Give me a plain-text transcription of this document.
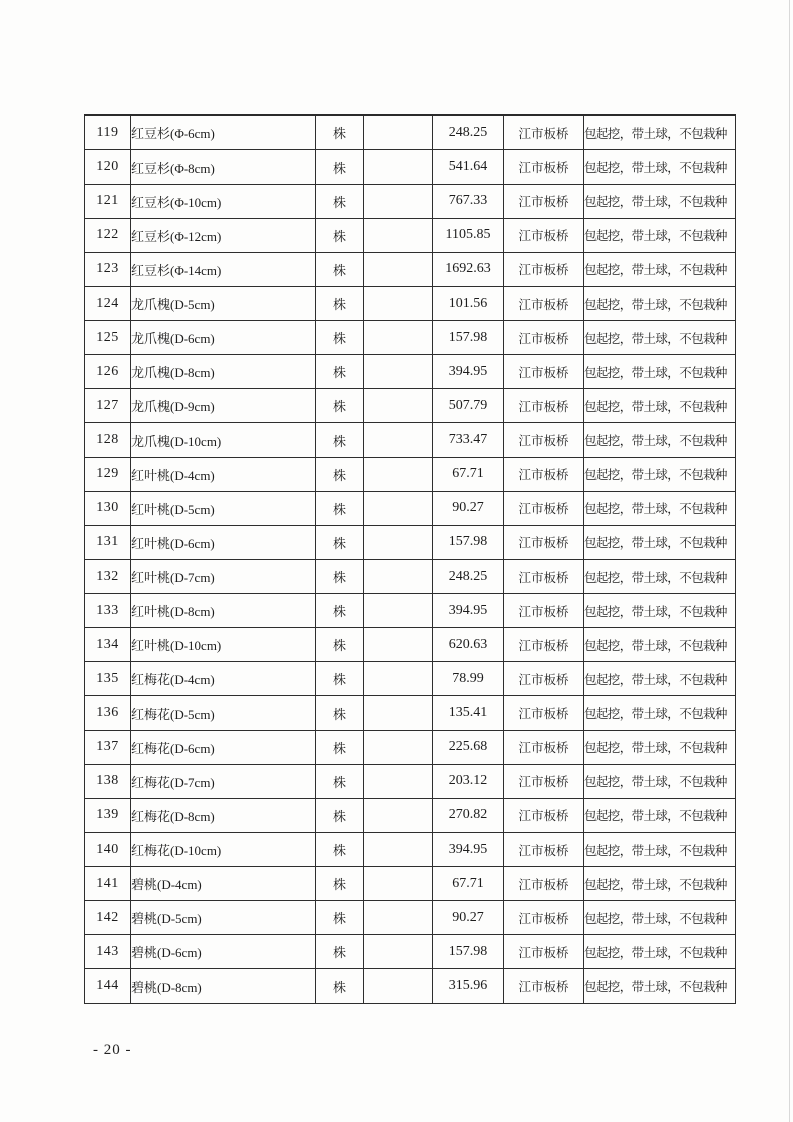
119	红豆杉(Φ-6cm)	株		248.25	江市板桥	包起挖，带土球，不包栽种
120	红豆杉(Φ-8cm)	株		541.64	江市板桥	包起挖，带土球，不包栽种
121	红豆杉(Φ-10cm)	株		767.33	江市板桥	包起挖，带土球，不包栽种
122	红豆杉(Φ-12cm)	株		1105.85	江市板桥	包起挖，带土球，不包栽种
123	红豆杉(Φ-14cm)	株		1692.63	江市板桥	包起挖，带土球，不包栽种
124	龙爪槐(D-5cm)	株		101.56	江市板桥	包起挖，带土球，不包栽种
125	龙爪槐(D-6cm)	株		157.98	江市板桥	包起挖，带土球，不包栽种
126	龙爪槐(D-8cm)	株		394.95	江市板桥	包起挖，带土球，不包栽种
127	龙爪槐(D-9cm)	株		507.79	江市板桥	包起挖，带土球，不包栽种
128	龙爪槐(D-10cm)	株		733.47	江市板桥	包起挖，带土球，不包栽种
129	红叶桃(D-4cm)	株		67.71	江市板桥	包起挖，带土球，不包栽种
130	红叶桃(D-5cm)	株		90.27	江市板桥	包起挖，带土球，不包栽种
131	红叶桃(D-6cm)	株		157.98	江市板桥	包起挖，带土球，不包栽种
132	红叶桃(D-7cm)	株		248.25	江市板桥	包起挖，带土球，不包栽种
133	红叶桃(D-8cm)	株		394.95	江市板桥	包起挖，带土球，不包栽种
134	红叶桃(D-10cm)	株		620.63	江市板桥	包起挖，带土球，不包栽种
135	红梅花(D-4cm)	株		78.99	江市板桥	包起挖，带土球，不包栽种
136	红梅花(D-5cm)	株		135.41	江市板桥	包起挖，带土球，不包栽种
137	红梅花(D-6cm)	株		225.68	江市板桥	包起挖，带土球，不包栽种
138	红梅花(D-7cm)	株		203.12	江市板桥	包起挖，带土球，不包栽种
139	红梅花(D-8cm)	株		270.82	江市板桥	包起挖，带土球，不包栽种
140	红梅花(D-10cm)	株		394.95	江市板桥	包起挖，带土球，不包栽种
141	碧桃(D-4cm)	株		67.71	江市板桥	包起挖，带土球，不包栽种
142	碧桃(D-5cm)	株		90.27	江市板桥	包起挖，带土球，不包栽种
143	碧桃(D-6cm)	株		157.98	江市板桥	包起挖，带土球，不包栽种
144	碧桃(D-8cm)	株		315.96	江市板桥	包起挖，带土球，不包栽种
- 20 -
